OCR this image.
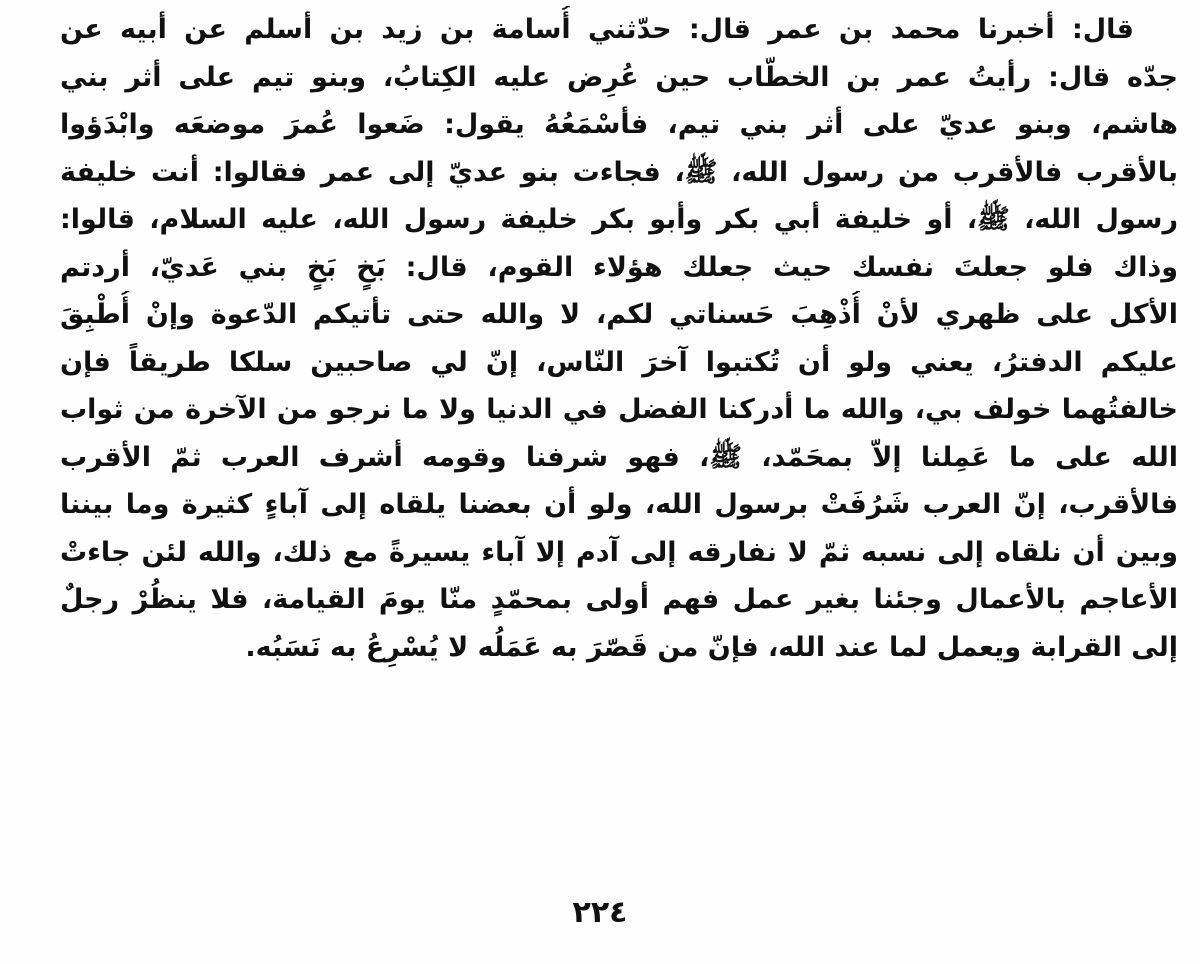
قال: أخبرنا محمد بن عمر قال: حدّثني أُسامة بن زيد بن أسلم عن أبيه عن
جدّه قال: رأيتُ عمر بن الخطّاب حين عُرِض عليه الكِتابُ، وبنو تيم على أثر بني
هاشم، وبنو عديّ على أثر بني تيم، فأسْمَعُهُ يقول: ضَعوا عُمرَ موضعَه وابْدَؤوا
بالأقرب فالأقرب من رسول الله، ﷺ، فجاءت بنو عديّ إلى عمر فقالوا: أنت خليفة
رسول الله، ﷺ، أو خليفة أبي بكر وأبو بكر خليفة رسول الله، عليه السلام، قالوا:
وذاك فلو جعلتَ نفسك حيث جعلك هؤلاء القوم، قال: بَخٍ بَخٍ بني عَديّ، أردتم
الأكل على ظهري لأنْ أُذْهِبَ حَسناتي لكم، لا والله حتى تأتيكم الدّعوة وإنْ أُطْبِقَ
عليكم الدفترُ، يعني ولو أن تُكتبوا آخرَ النّاس، إنّ لي صاحبين سلكا طريقاً فإن
خالفتُهما خولف بي، والله ما أدركنا الفضل في الدنيا ولا ما نرجو من الآخرة من ثواب
الله على ما عَمِلنا إلاّ بمحَمّد، ﷺ، فهو شرفنا وقومه أشرف العرب ثمّ الأقرب
فالأقرب، إنّ العرب شَرُفَتْ برسول الله، ولو أن بعضنا يلقاه إلى آباءٍ كثيرة وما بيننا
وبين أن نلقاه إلى نسبه ثمّ لا نفارقه إلى آدم إلا آباء يسيرةً مع ذلك، والله لئن جاءتْ
الأعاجم بالأعمال وجئنا بغير عمل فهم أولى بمحمّدٍ منّا يومَ القيامة، فلا ينظُرْ رجلٌ
إلى القرابة ويعمل لما عند الله، فإنّ من قَصّرَ به عَمَلُه لا يُسْرِعُ به نَسَبُه.
٢٢٤
